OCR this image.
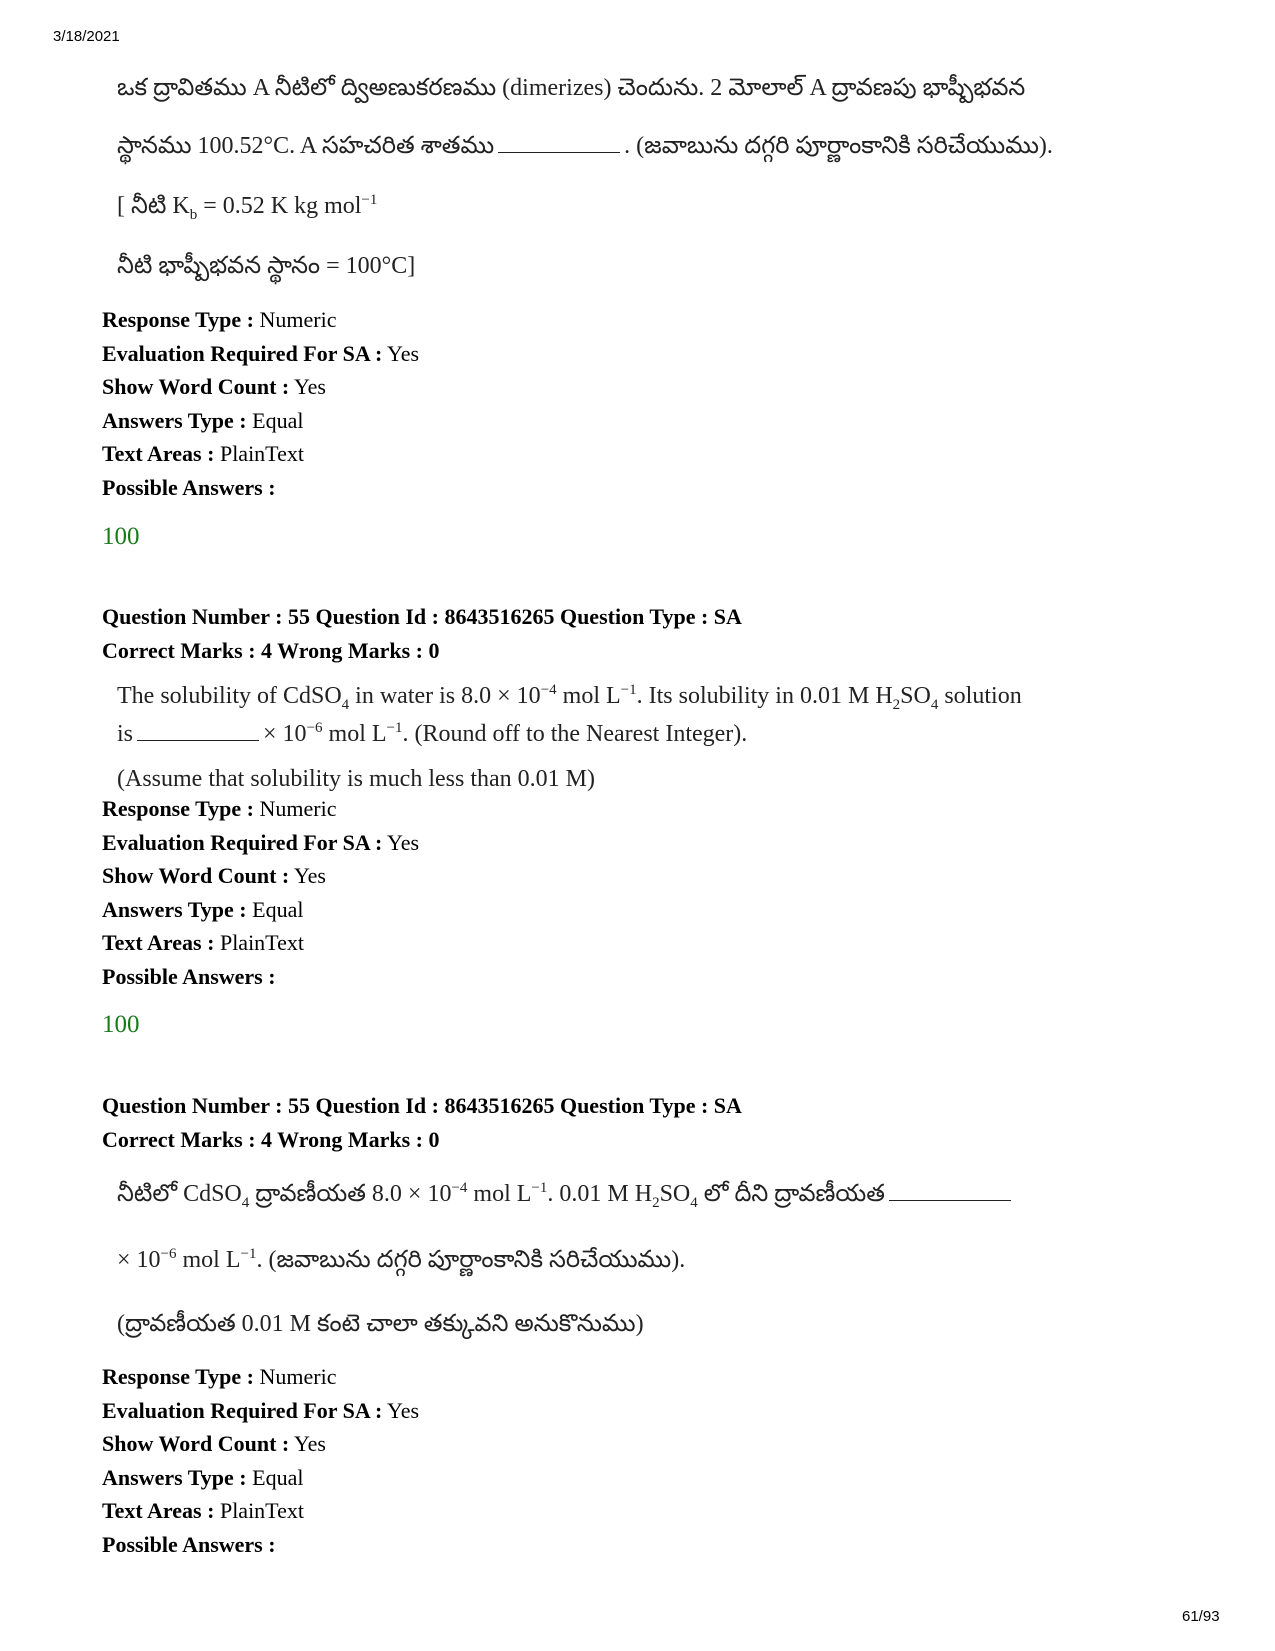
3/18/2021
ఒక ద్రావితము A నీటిలో ద్విఅణుకరణము (dimerizes) చెందును. 2 మోలాల్ A ద్రావణపు భాష్పీభవన
స్థానము 100.52°C. A సహచరిత శాతము	. (జవాబును దగ్గరి పూర్ణాంకానికి సరిచేయుము).
[ నీటి $K_b = 0.52$ K kg mol$^{-1}$
నీటి భాష్పీభవన స్థానం = 100°C]
Response Type : Numeric
Evaluation Required For SA : Yes
Show Word Count : Yes
Answers Type : Equal
Text Areas : PlainText
Possible Answers :
100
Question Number : 55 Question Id : 8643516265 Question Type : SA
Correct Marks : 4 Wrong Marks : 0
The solubility of CdSO$_4$ in water is $8.0 \times 10^{-4}$ mol $L^{-1}$. Its solubility in 0.01 M $H_2SO_4$ solution
is	× $10^{-6}$ mol $L^{-1}$. (Round off to the Nearest Integer).
(Assume that solubility is much less than 0.01 M)
Response Type : Numeric
Evaluation Required For SA : Yes
Show Word Count : Yes
Answers Type : Equal
Text Areas : PlainText
Possible Answers :
100
Question Number : 55 Question Id : 8643516265 Question Type : SA
Correct Marks : 4 Wrong Marks : 0
నీటిలో CdSO$_4$ ద్రావణీయత $8.0 \times 10^{-4}$ mol $L^{-1}$. 0.01 M $H_2SO_4$ లో దీని ద్రావణీయత
× $10^{-6}$ mol $L^{-1}$. (జవాబును దగ్గరి పూర్ణాంకానికి సరిచేయుము).
(ద్రావణీయత 0.01 M కంటె చాలా తక్కువని అనుకొనుము)
Response Type : Numeric
Evaluation Required For SA : Yes
Show Word Count : Yes
Answers Type : Equal
Text Areas : PlainText
Possible Answers :
61/93
